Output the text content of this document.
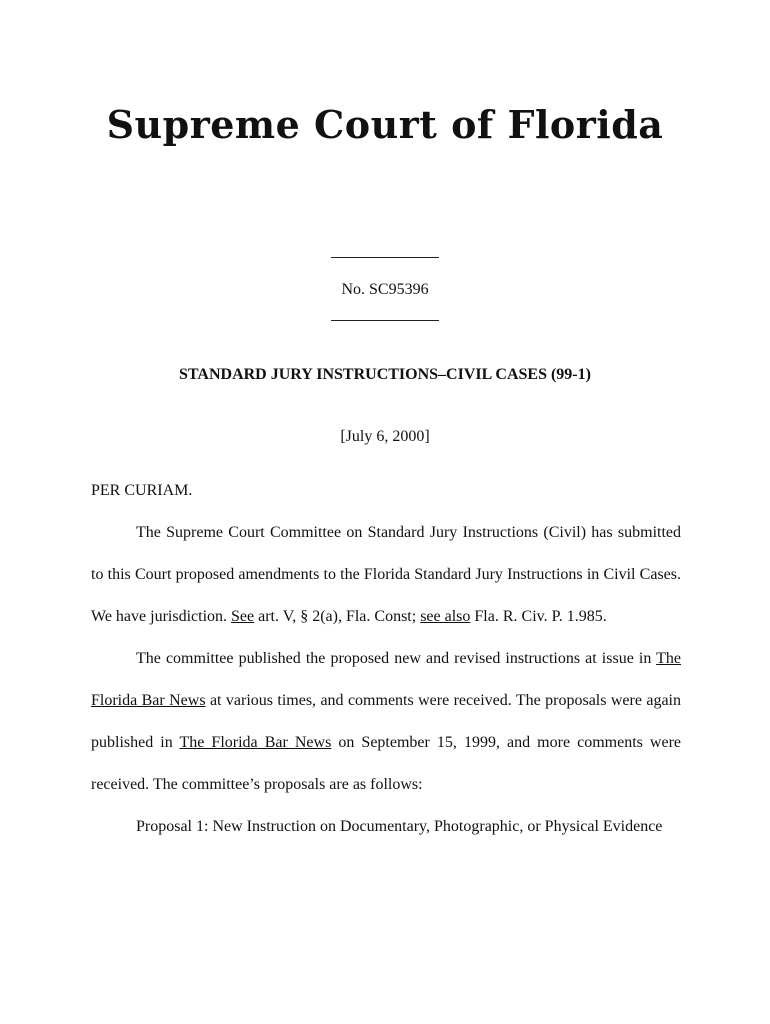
Supreme Court of Florida
No. SC95396
STANDARD JURY INSTRUCTIONS–CIVIL CASES (99-1)
[July 6, 2000]

PER CURIAM.

The Supreme Court Committee on Standard Jury Instructions (Civil) has submitted to this Court proposed amendments to the Florida Standard Jury Instructions in Civil Cases. We have jurisdiction. See art. V, § 2(a), Fla. Const; see also Fla. R. Civ. P. 1.985.

The committee published the proposed new and revised instructions at issue in The Florida Bar News at various times, and comments were received. The proposals were again published in The Florida Bar News on September 15, 1999, and more comments were received. The committee’s proposals are as follows:

Proposal 1: New Instruction on Documentary, Photographic, or Physical Evidence
